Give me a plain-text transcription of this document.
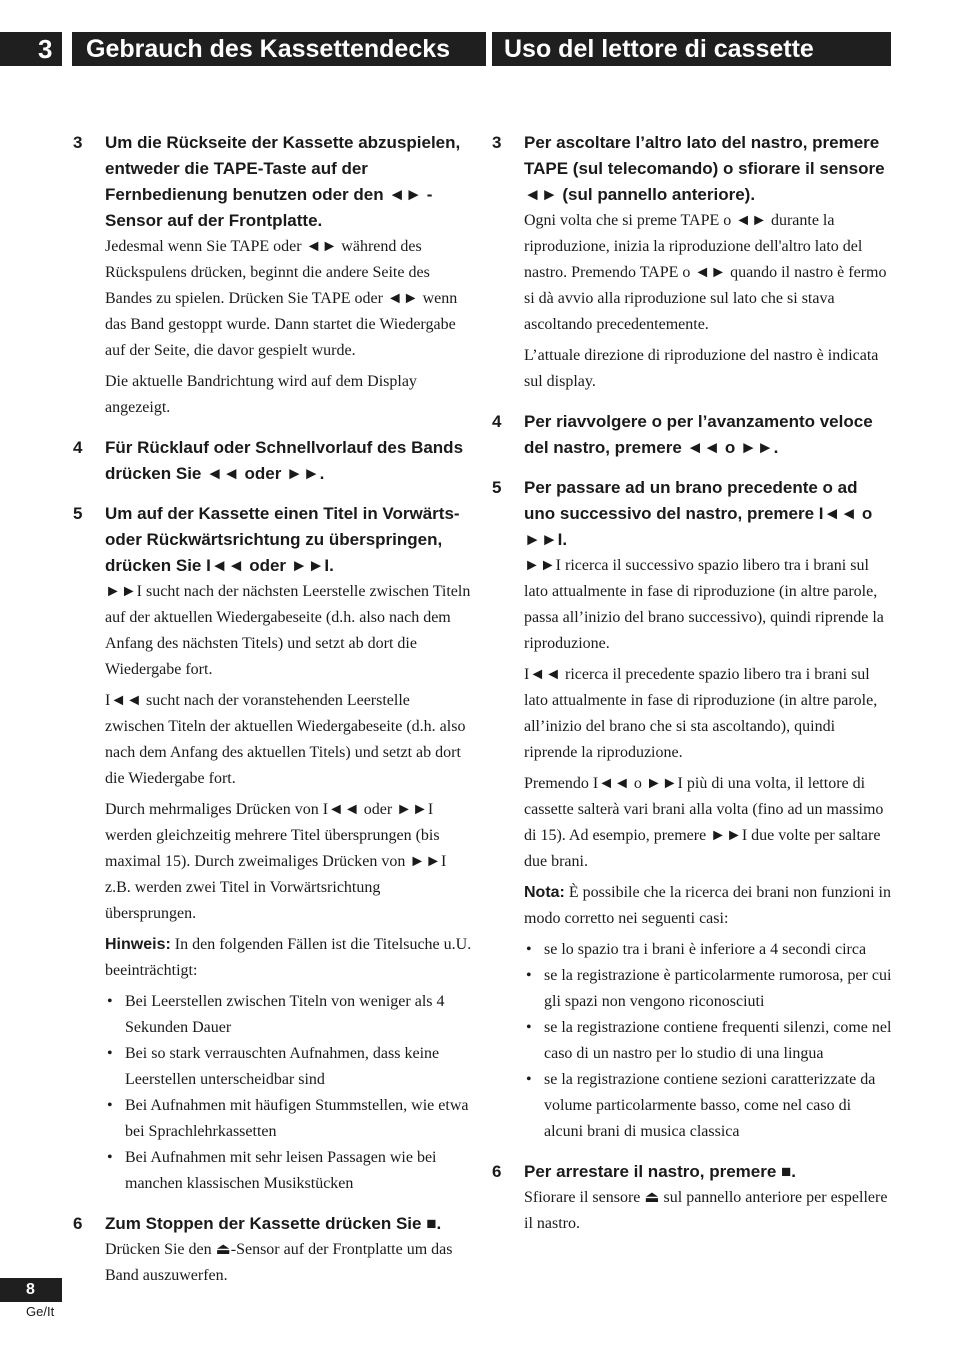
3	Gebrauch des Kassettendecks	Uso del lettore di cassette
3 Um die Rückseite der Kassette abzuspielen, entweder die TAPE-Taste auf der Fernbedienung benutzen oder den ◄► -Sensor auf der Frontplatte.

Jedesmal wenn Sie TAPE oder ◄► während des Rückspulens drücken, beginnt die andere Seite des Bandes zu spielen. Drücken Sie TAPE oder ◄► wenn das Band gestoppt wurde. Dann startet die Wiedergabe auf der Seite, die davor gespielt wurde.

Die aktuelle Bandrichtung wird auf dem Display angezeigt.

4 Für Rücklauf oder Schnellvorlauf des Bands drücken Sie ◄◄ oder ►►.
5 Um auf der Kassette einen Titel in Vorwärts- oder Rückwärtsrichtung zu überspringen, drücken Sie I◄◄ oder ►►I.

►►I sucht nach der nächsten Leerstelle zwischen Titeln auf der aktuellen Wiedergabeseite (d.h. also nach dem Anfang des nächsten Titels) und setzt ab dort die Wiedergabe fort.

I◄◄ sucht nach der voranstehenden Leerstelle zwischen Titeln der aktuellen Wiedergabeseite (d.h. also nach dem Anfang des aktuellen Titels) und setzt ab dort die Wiedergabe fort.

Durch mehrmaliges Drücken von I◄◄ oder ►►I werden gleichzeitig mehrere Titel übersprungen (bis maximal 15). Durch zweimaliges Drücken von ►►I z.B. werden zwei Titel in Vorwärtsrichtung übersprungen.

Hinweis: In den folgenden Fällen ist die Titelsuche u.U. beeinträchtigt:

• Bei Leerstellen zwischen Titeln von weniger als 4 Sekunden Dauer
• Bei so stark verrauschten Aufnahmen, dass keine Leerstellen unterscheidbar sind
• Bei Aufnahmen mit häufigen Stummstellen, wie etwa bei Sprachlehrkassetten
• Bei Aufnahmen mit sehr leisen Passagen wie bei manchen klassischen Musikstücken
6 Zum Stoppen der Kassette drücken Sie ■.

Drücken Sie den ⏏-Sensor auf der Frontplatte um das Band auszuwerfen.

3 Per ascoltare l’altro lato del nastro, premere TAPE (sul telecomando) o sfiorare il sensore ◄► (sul pannello anteriore).

Ogni volta che si preme TAPE o ◄► durante la riproduzione, inizia la riproduzione dell'altro lato del nastro. Premendo TAPE o ◄► quando il nastro è fermo si dà avvio alla riproduzione sul lato che si stava ascoltando precedentemente.

L’attuale direzione di riproduzione del nastro è indicata sul display.

4 Per riavvolgere o per l’avanzamento veloce del nastro, premere ◄◄ o ►►.
5 Per passare ad un brano precedente o ad uno successivo del nastro, premere I◄◄ o ►►I.

►►I ricerca il successivo spazio libero tra i brani sul lato attualmente in fase di riproduzione (in altre parole, passa all’inizio del brano successivo), quindi riprende la riproduzione.

I◄◄ ricerca il precedente spazio libero tra i brani sul lato attualmente in fase di riproduzione (in altre parole, all’inizio del brano che si sta ascoltando), quindi riprende la riproduzione.

Premendo I◄◄ o ►►I più di una volta, il lettore di cassette salterà vari brani alla volta (fino ad un massimo di 15). Ad esempio, premere ►►I due volte per saltare due brani.

Nota: È possibile che la ricerca dei brani non funzioni in modo corretto nei seguenti casi:

• se lo spazio tra i brani è inferiore a 4 secondi circa
• se la registrazione è particolarmente rumorosa, per cui gli spazi non vengono riconosciuti
• se la registrazione contiene frequenti silenzi, come nel caso di un nastro per lo studio di una lingua
• se la registrazione contiene sezioni caratterizzate da volume particolarmente basso, come nel caso di alcuni brani di musica classica
6 Per arrestare il nastro, premere ■.

Sfiorare il sensore ⏏ sul pannello anteriore per espellere il nastro.

8
Ge/It
